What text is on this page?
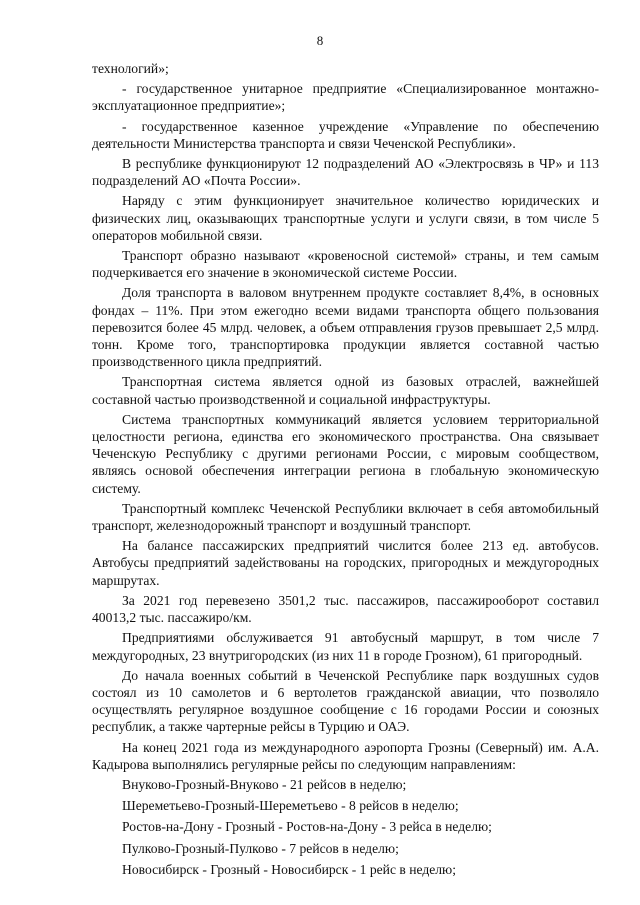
8

технологий»;

- государственное унитарное предприятие «Специализированное монтажно-эксплуатационное предприятие»;

- государственное казенное учреждение «Управление по обеспечению деятельности Министерства транспорта и связи Чеченской Республики».

В республике функционируют 12 подразделений АО «Электросвязь в ЧР» и 113 подразделений АО «Почта России».

Наряду с этим функционирует значительное количество юридических и физических лиц, оказывающих транспортные услуги и услуги связи, в том числе 5 операторов мобильной связи.

Транспорт образно называют «кровеносной системой» страны, и тем самым подчеркивается его значение в экономической системе России.

Доля транспорта в валовом внутреннем продукте составляет 8,4%, в основных фондах – 11%. При этом ежегодно всеми видами транспорта общего пользования перевозится более 45 млрд. человек, а объем отправления грузов превышает 2,5 млрд. тонн. Кроме того, транспортировка продукции является составной частью производственного цикла предприятий.

Транспортная система является одной из базовых отраслей, важнейшей составной частью производственной и социальной инфраструктуры.

Система транспортных коммуникаций является условием территориальной целостности региона, единства его экономического пространства. Она связывает Чеченскую Республику с другими регионами России, с мировым сообществом, являясь основой обеспечения интеграции региона в глобальную экономическую систему.

Транспортный комплекс Чеченской Республики включает в себя автомобильный транспорт, железнодорожный транспорт и воздушный транспорт.

На балансе пассажирских предприятий числится более 213 ед. автобусов. Автобусы предприятий задействованы на городских, пригородных и междугородных маршрутах.

За 2021 год перевезено 3501,2 тыс. пассажиров, пассажирооборот составил 40013,2 тыс. пассажиро/км.

Предприятиями обслуживается 91 автобусный маршрут, в том числе 7 междугородных, 23 внутригородских (из них 11 в городе Грозном), 61 пригородный.

До начала военных событий в Чеченской Республике парк воздушных судов состоял из 10 самолетов и 6 вертолетов гражданской авиации, что позволяло осуществлять регулярное воздушное сообщение с 16 городами России и союзных республик, а также чартерные рейсы в Турцию и ОАЭ.

На конец 2021 года из международного аэропорта Грозны (Северный) им. А.А. Кадырова выполнялись регулярные рейсы по следующим направлениям:

Внуково-Грозный-Внуково - 21 рейсов в неделю;

Шереметьево-Грозный-Шереметьево - 8 рейсов в неделю;

Ростов-на-Дону - Грозный - Ростов-на-Дону - 3 рейса в неделю;

Пулково-Грозный-Пулково - 7 рейсов в неделю;

Новосибирск - Грозный - Новосибирск - 1 рейс в неделю;
